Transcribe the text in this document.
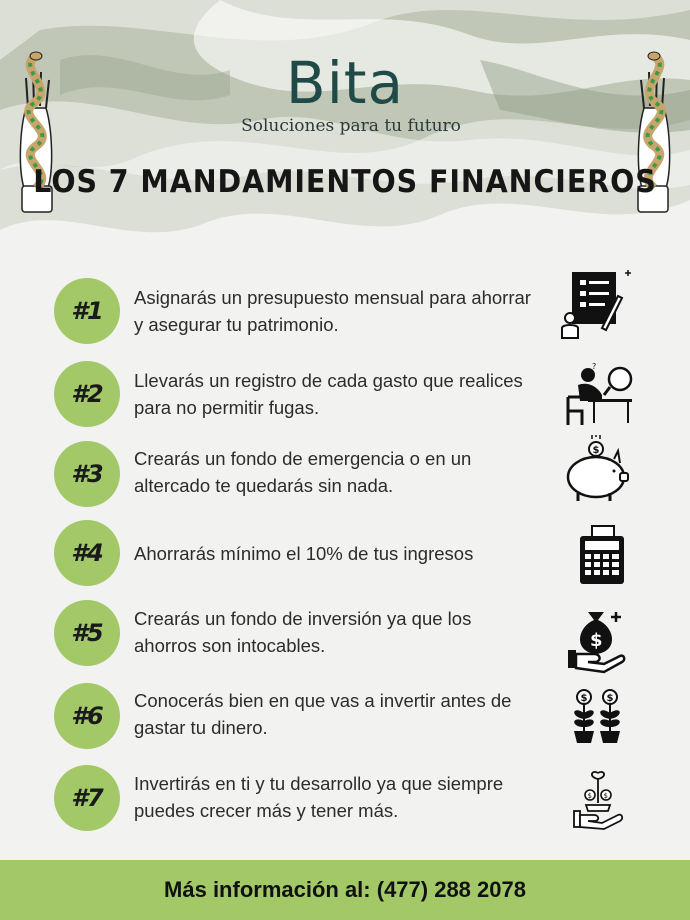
Bita
Soluciones para tu futuro
LOS 7 MANDAMIENTOS FINANCIEROS
#1	Asignarás un presupuesto mensual para ahorrar y asegurar tu patrimonio.
#2	Llevarás un registro de cada gasto que realices para no permitir fugas.
?
#3
Crearás un fondo de emergencia o en un altercado te quedarás sin nada.
$
#4	Ahorrarás mínimo el 10% de tus ingresos
#5
Crearás un fondo de inversión ya que los ahorros son intocables.	$
#6
Conocerás bien en que vas a invertir antes de gastar tu dinero.
$ $
#7
Invertirás en ti y tu desarrollo ya que siempre puedes crecer más y tener más.
$ $
Más información al: (477) 288 2078
